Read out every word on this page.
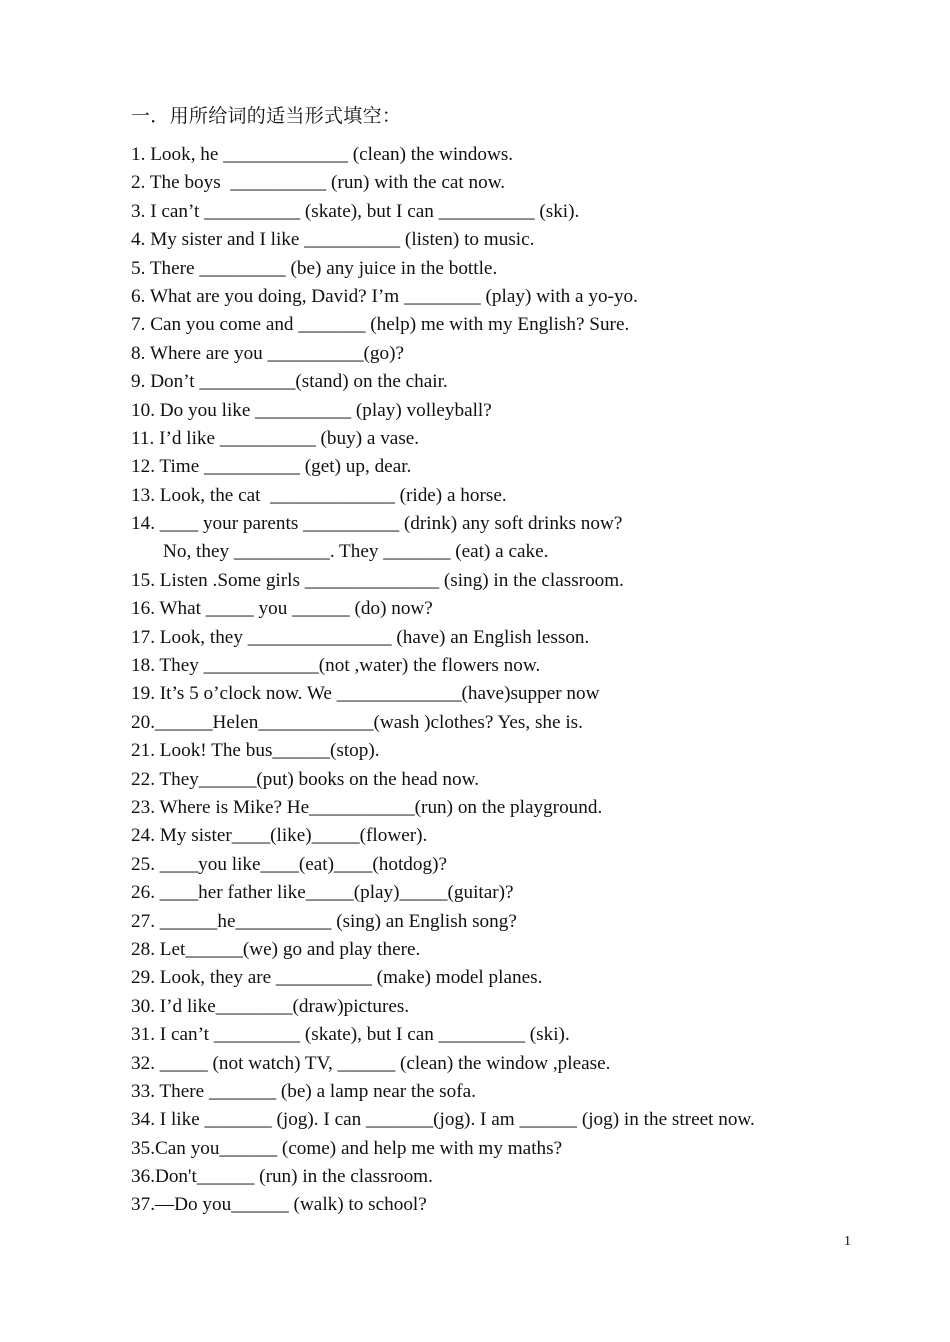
一．用所给词的适当形式填空：
1. Look, he _____________ (clean) the windows.
2. The boys  __________ (run) with the cat now.
3. I can’t __________ (skate), but I can __________ (ski).
4. My sister and I like __________ (listen) to music.
5. There _________ (be) any juice in the bottle.
6. What are you doing, David? I’m ________ (play) with a yo-yo.
7. Can you come and _______ (help) me with my English? Sure.
8. Where are you __________(go)?
9. Don’t __________(stand) on the chair.
10. Do you like __________ (play) volleyball?
11. I’d like __________ (buy) a vase.
12. Time __________ (get) up, dear.
13. Look, the cat  _____________ (ride) a horse.
14. ____ your parents __________ (drink) any soft drinks now?
No, they __________. They _______ (eat) a cake.
15. Listen .Some girls ______________ (sing) in the classroom.
16. What _____ you ______ (do) now?
17. Look, they _______________ (have) an English lesson.
18. They ____________(not ,water) the flowers now.
19. It’s 5 o’clock now. We _____________(have)supper now
20.______Helen____________(wash )clothes? Yes, she is.
21. Look! The bus______(stop).
22. They______(put) books on the head now.
23. Where is Mike? He___________(run) on the playground.
24. My sister____(like)_____(flower).
25. ____you like____(eat)____(hotdog)?
26. ____her father like_____(play)_____(guitar)?
27. ______he__________ (sing) an English song?
28. Let______(we) go and play there.
29. Look, they are __________ (make) model planes.
30. I’d like________(draw)pictures.
31. I can’t _________ (skate), but I can _________ (ski).
32. _____ (not watch) TV, ______ (clean) the window ,please.
33. There _______ (be) a lamp near the sofa.
34. I like _______ (jog). I can _______(jog). I am ______ (jog) in the street now.
35.Can you______ (come) and help me with my maths?
36.Don't______ (run) in the classroom.
37.—Do you______ (walk) to school?
1
